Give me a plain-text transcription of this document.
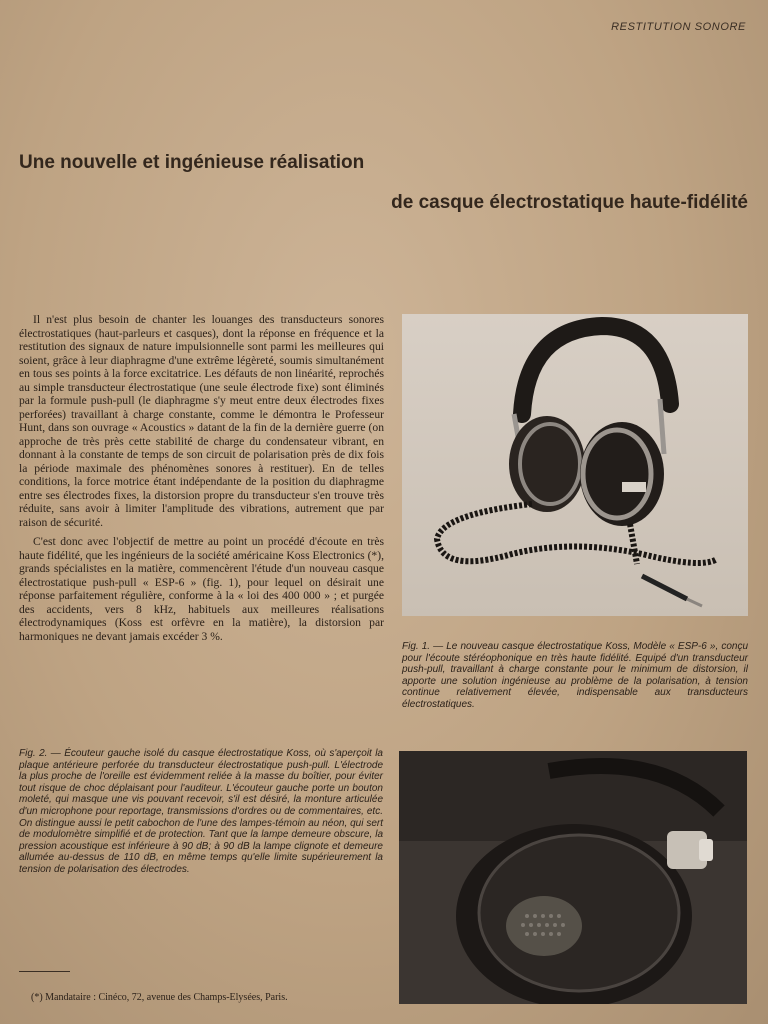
RESTITUTION SONORE
Une nouvelle et ingénieuse réalisation
de casque électrostatique haute-fidélité

Il n'est plus besoin de chanter les louanges des transducteurs sonores électrostatiques (haut-parleurs et casques), dont la réponse en fréquence et la restitution des signaux de nature impulsionnelle sont parmi les meilleures qui soient, grâce à leur diaphragme d'une extrême légèreté, soumis simultanément en tous ses points à la force excitatrice. Les défauts de non linéarité, reprochés au simple transducteur électrostatique (une seule électrode fixe) sont éliminés par la formule push-pull (le diaphragme s'y meut entre deux électrodes fixes perforées) travaillant à charge constante, comme le démontra le Professeur Hunt, dans son ouvrage « Acoustics » datant de la fin de la dernière guerre (on approche de très près cette stabilité de charge du condensateur vibrant, en donnant à la constante de temps de son circuit de polarisation près de dix fois la période maximale des phénomènes sonores à restituer). En de telles conditions, la force motrice étant indépendante de la position du diaphragme entre ses électrodes fixes, la distorsion propre du transducteur s'en trouve très réduite, sans avoir à limiter l'amplitude des vibrations, autrement que par raison de sécurité.

C'est donc avec l'objectif de mettre au point un procédé d'écoute en très haute fidélité, que les ingénieurs de la société américaine Koss Electronics (*), grands spécialistes en la matière, commencèrent l'étude d'un nouveau casque électrostatique push-pull « ESP-6 » (fig. 1), pour lequel on désirait une réponse parfaitement régulière, conforme à la « loi des 400 000 » ; et purgée des accidents, vers 8 kHz, habituels aux meilleures réalisations électrodynamiques (Koss est orfèvre en la matière), la distorsion par harmoniques ne devant jamais excéder 3 %.

Fig. 1. — Le nouveau casque électrostatique Koss, Modèle « ESP-6 », conçu pour l'écoute stéréophonique en très haute fidélité. Equipé d'un transducteur push-pull, travaillant à charge constante pour le minimum de distorsion, il apporte une solution ingénieuse au problème de la polarisation, à tension continue relativement élevée, indispensable aux transducteurs électrostatiques.
Fig. 2. — Écouteur gauche isolé du casque électrostatique Koss, où s'aperçoit la plaque antérieure perforée du transducteur électrostatique push-pull. L'électrode la plus proche de l'oreille est évidemment reliée à la masse du boîtier, pour éviter tout risque de choc déplaisant pour l'auditeur. L'écouteur gauche porte un bouton moleté, qui masque une vis pouvant recevoir, s'il est désiré, la monture articulée d'un microphone pour reportage, transmissions d'ordres ou de commentaires, etc. On distingue aussi le petit cabochon de l'une des lampes-témoin au néon, qui sert de modulomètre simplifié et de protection. Tant que la lampe demeure obscure, la pression acoustique est inférieure à 90 dB; à 90 dB la lampe clignote et demeure allumée au-dessus de 110 dB, en même temps qu'elle limite supérieurement la tension de polarisation des électrodes.
(*) Mandataire : Cinéco, 72, avenue des Champs-Elysées, Paris.
